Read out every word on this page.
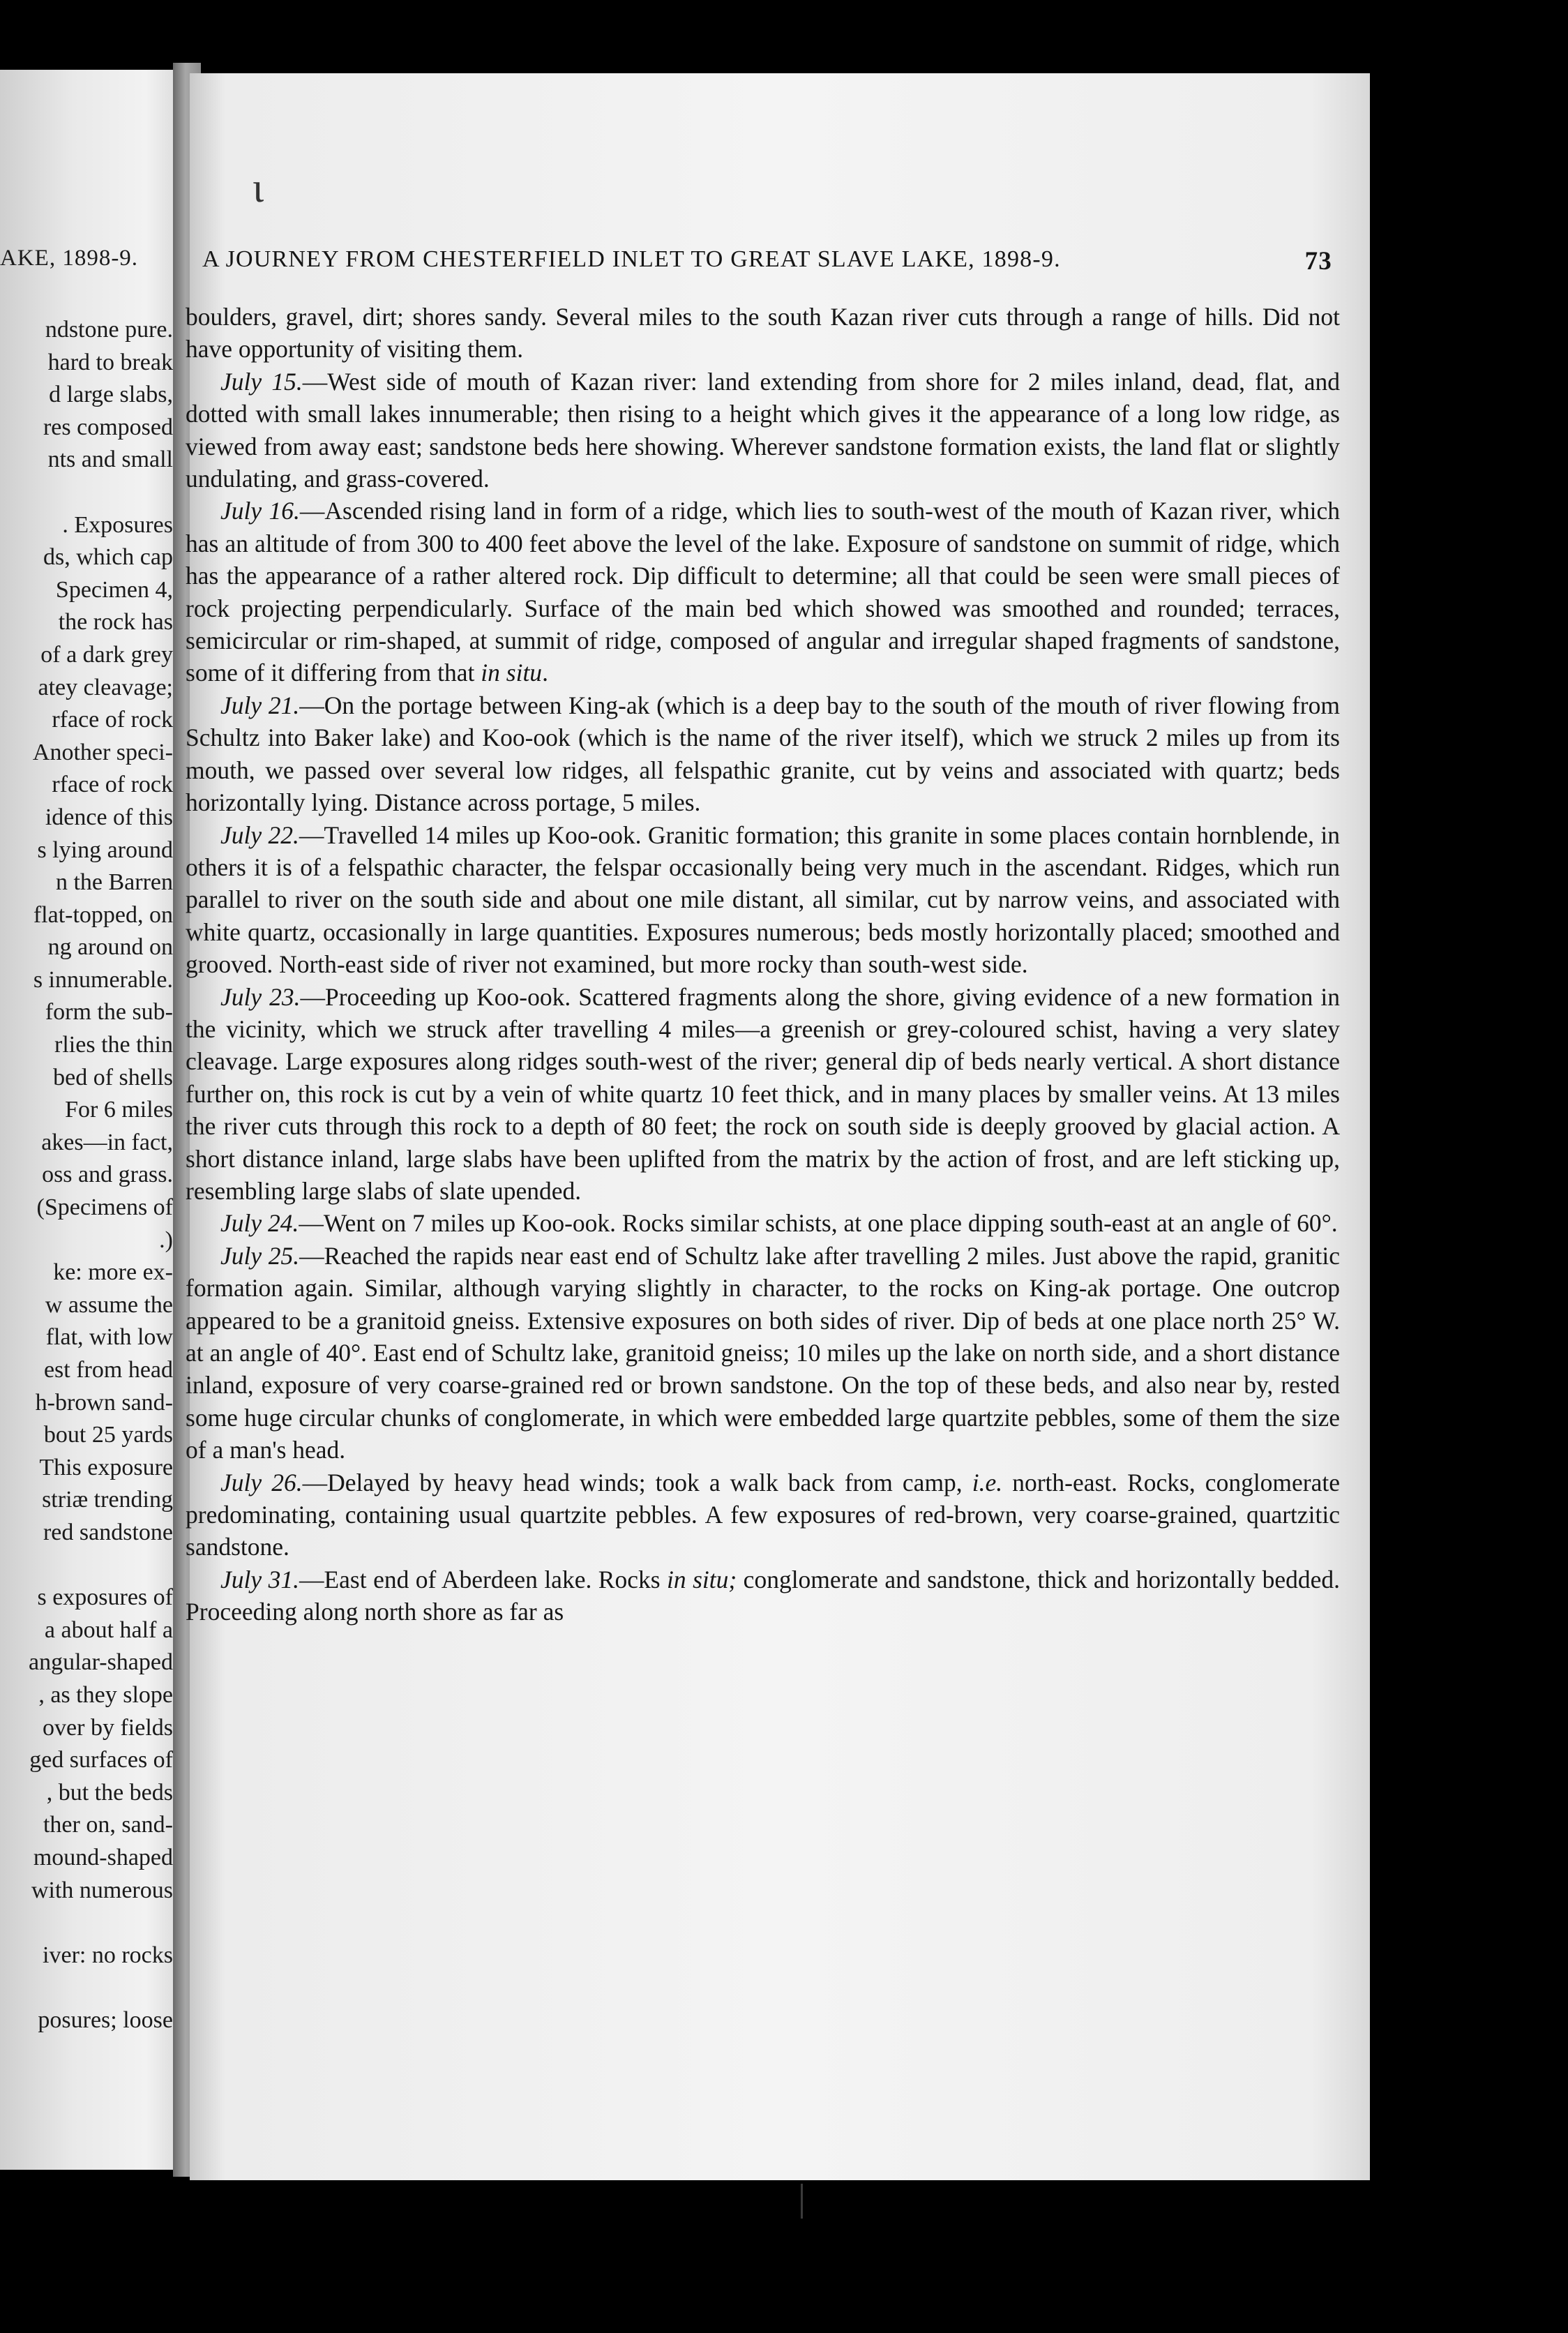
AKE, 1898-9.
ndstone pure.
hard to break
d large slabs,
res composed
nts and small
. Exposures
ds, which cap
Specimen 4,
the rock has
of a dark grey
atey cleavage;
rface of rock
Another speci-
rface of rock
idence of this
s lying around
n the Barren
flat-topped, on
ng around on
s innumerable.
form the sub-
rlies the thin
bed of shells
For 6 miles
akes—in fact,
oss and grass.
(Specimens of
.)
ke: more ex-
w assume the
flat, with low
est from head
h-brown sand-
bout 25 yards
This exposure
striæ trending
red sandstone
s exposures of
a about half a
angular-shaped
, as they slope
over by fields
ged surfaces of
, but the beds
ther on, sand-
mound-shaped
with numerous
iver: no rocks
posures; loose
ɩ
A JOURNEY FROM CHESTERFIELD INLET TO GREAT SLAVE LAKE, 1898-9.	73

boulders, gravel, dirt; shores sandy. Several miles to the south Kazan river cuts through a range of hills. Did not have opportunity of visiting them.

July 15.—West side of mouth of Kazan river: land extending from shore for 2 miles inland, dead, flat, and dotted with small lakes innumerable; then rising to a height which gives it the appearance of a long low ridge, as viewed from away east; sandstone beds here showing. Wherever sandstone formation exists, the land flat or slightly undulating, and grass-covered.

July 16.—Ascended rising land in form of a ridge, which lies to south-west of the mouth of Kazan river, which has an altitude of from 300 to 400 feet above the level of the lake. Exposure of sandstone on summit of ridge, which has the appearance of a rather altered rock. Dip difficult to determine; all that could be seen were small pieces of rock projecting perpendicularly. Surface of the main bed which showed was smoothed and rounded; terraces, semicircular or rim-shaped, at summit of ridge, composed of angular and irregular shaped fragments of sandstone, some of it differing from that in situ.

July 21.—On the portage between King-ak (which is a deep bay to the south of the mouth of river flowing from Schultz into Baker lake) and Koo-ook (which is the name of the river itself), which we struck 2 miles up from its mouth, we passed over several low ridges, all felspathic granite, cut by veins and associated with quartz; beds horizontally lying. Distance across portage, 5 miles.

July 22.—Travelled 14 miles up Koo-ook. Granitic formation; this granite in some places contain hornblende, in others it is of a felspathic character, the felspar occasionally being very much in the ascendant. Ridges, which run parallel to river on the south side and about one mile distant, all similar, cut by narrow veins, and associated with white quartz, occasionally in large quantities. Exposures numerous; beds mostly horizontally placed; smoothed and grooved. North-east side of river not examined, but more rocky than south-west side.

July 23.—Proceeding up Koo-ook. Scattered fragments along the shore, giving evidence of a new formation in the vicinity, which we struck after travelling 4 miles—a greenish or grey-coloured schist, having a very slatey cleavage. Large exposures along ridges south-west of the river; general dip of beds nearly vertical. A short distance further on, this rock is cut by a vein of white quartz 10 feet thick, and in many places by smaller veins. At 13 miles the river cuts through this rock to a depth of 80 feet; the rock on south side is deeply grooved by glacial action. A short distance inland, large slabs have been uplifted from the matrix by the action of frost, and are left sticking up, resembling large slabs of slate upended.

July 24.—Went on 7 miles up Koo-ook. Rocks similar schists, at one place dipping south-east at an angle of 60°.

July 25.—Reached the rapids near east end of Schultz lake after travelling 2 miles. Just above the rapid, granitic formation again. Similar, although varying slightly in character, to the rocks on King-ak portage. One outcrop appeared to be a granitoid gneiss. Extensive exposures on both sides of river. Dip of beds at one place north 25° W. at an angle of 40°. East end of Schultz lake, granitoid gneiss; 10 miles up the lake on north side, and a short distance inland, exposure of very coarse-grained red or brown sandstone. On the top of these beds, and also near by, rested some huge circular chunks of conglomerate, in which were embedded large quartzite pebbles, some of them the size of a man's head.

July 26.—Delayed by heavy head winds; took a walk back from camp, i.e. north-east. Rocks, conglomerate predominating, containing usual quartzite pebbles. A few exposures of red-brown, very coarse-grained, quartzitic sandstone.

July 31.—East end of Aberdeen lake. Rocks in situ; conglomerate and sandstone, thick and horizontally bedded. Proceeding along north shore as far as
